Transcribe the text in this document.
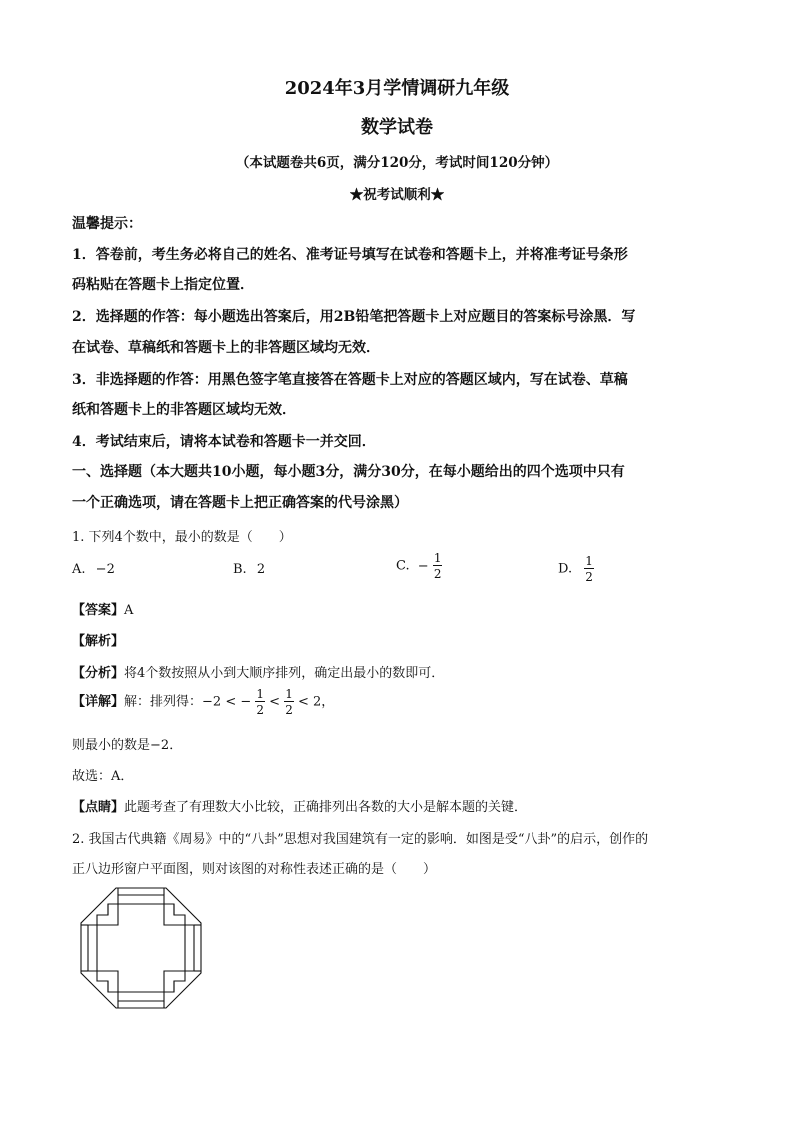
2024年3月学情调研九年级
数学试卷
（本试题卷共6页，满分120分，考试时间120分钟）
★祝考试顺利★
温馨提示：
1．答卷前，考生务必将自己的姓名、准考证号填写在试卷和答题卡上，并将准考证号条形
码粘贴在答题卡上指定位置．
2．选择题的作答：每小题选出答案后，用2B铅笔把答题卡上对应题目的答案标号涂黑．写
在试卷、草稿纸和答题卡上的非答题区域均无效．
3．非选择题的作答：用黑色签字笔直接答在答题卡上对应的答题区域内，写在试卷、草稿
纸和答题卡上的非答题区域均无效．
4．考试结束后，请将本试卷和答题卡一并交回．
一、选择题（本大题共10小题，每小题3分，满分30分，在每小题给出的四个选项中只有
一个正确选项，请在答题卡上把正确答案的代号涂黑）
1. 下列4个数中，最小的数是（　　）
A. −2	B. 2	C. − $\frac{1}{2}$	D. $\frac{1}{2}$
【答案】A
【解析】
【分析】将4个数按照从小到大顺序排列，确定出最小的数即可．
【详解】解：排列得：−2 < − $\frac{1}{2} < \frac{1}{2} < 2$，
则最小的数是−2．
故选：A．
【点睛】此题考查了有理数大小比较，正确排列出各数的大小是解本题的关键．
2. 我国古代典籍《周易》中的“八卦”思想对我国建筑有一定的影响．如图是受“八卦”的启示，创作的
正八边形窗户平面图，则对该图的对称性表述正确的是（　　）
